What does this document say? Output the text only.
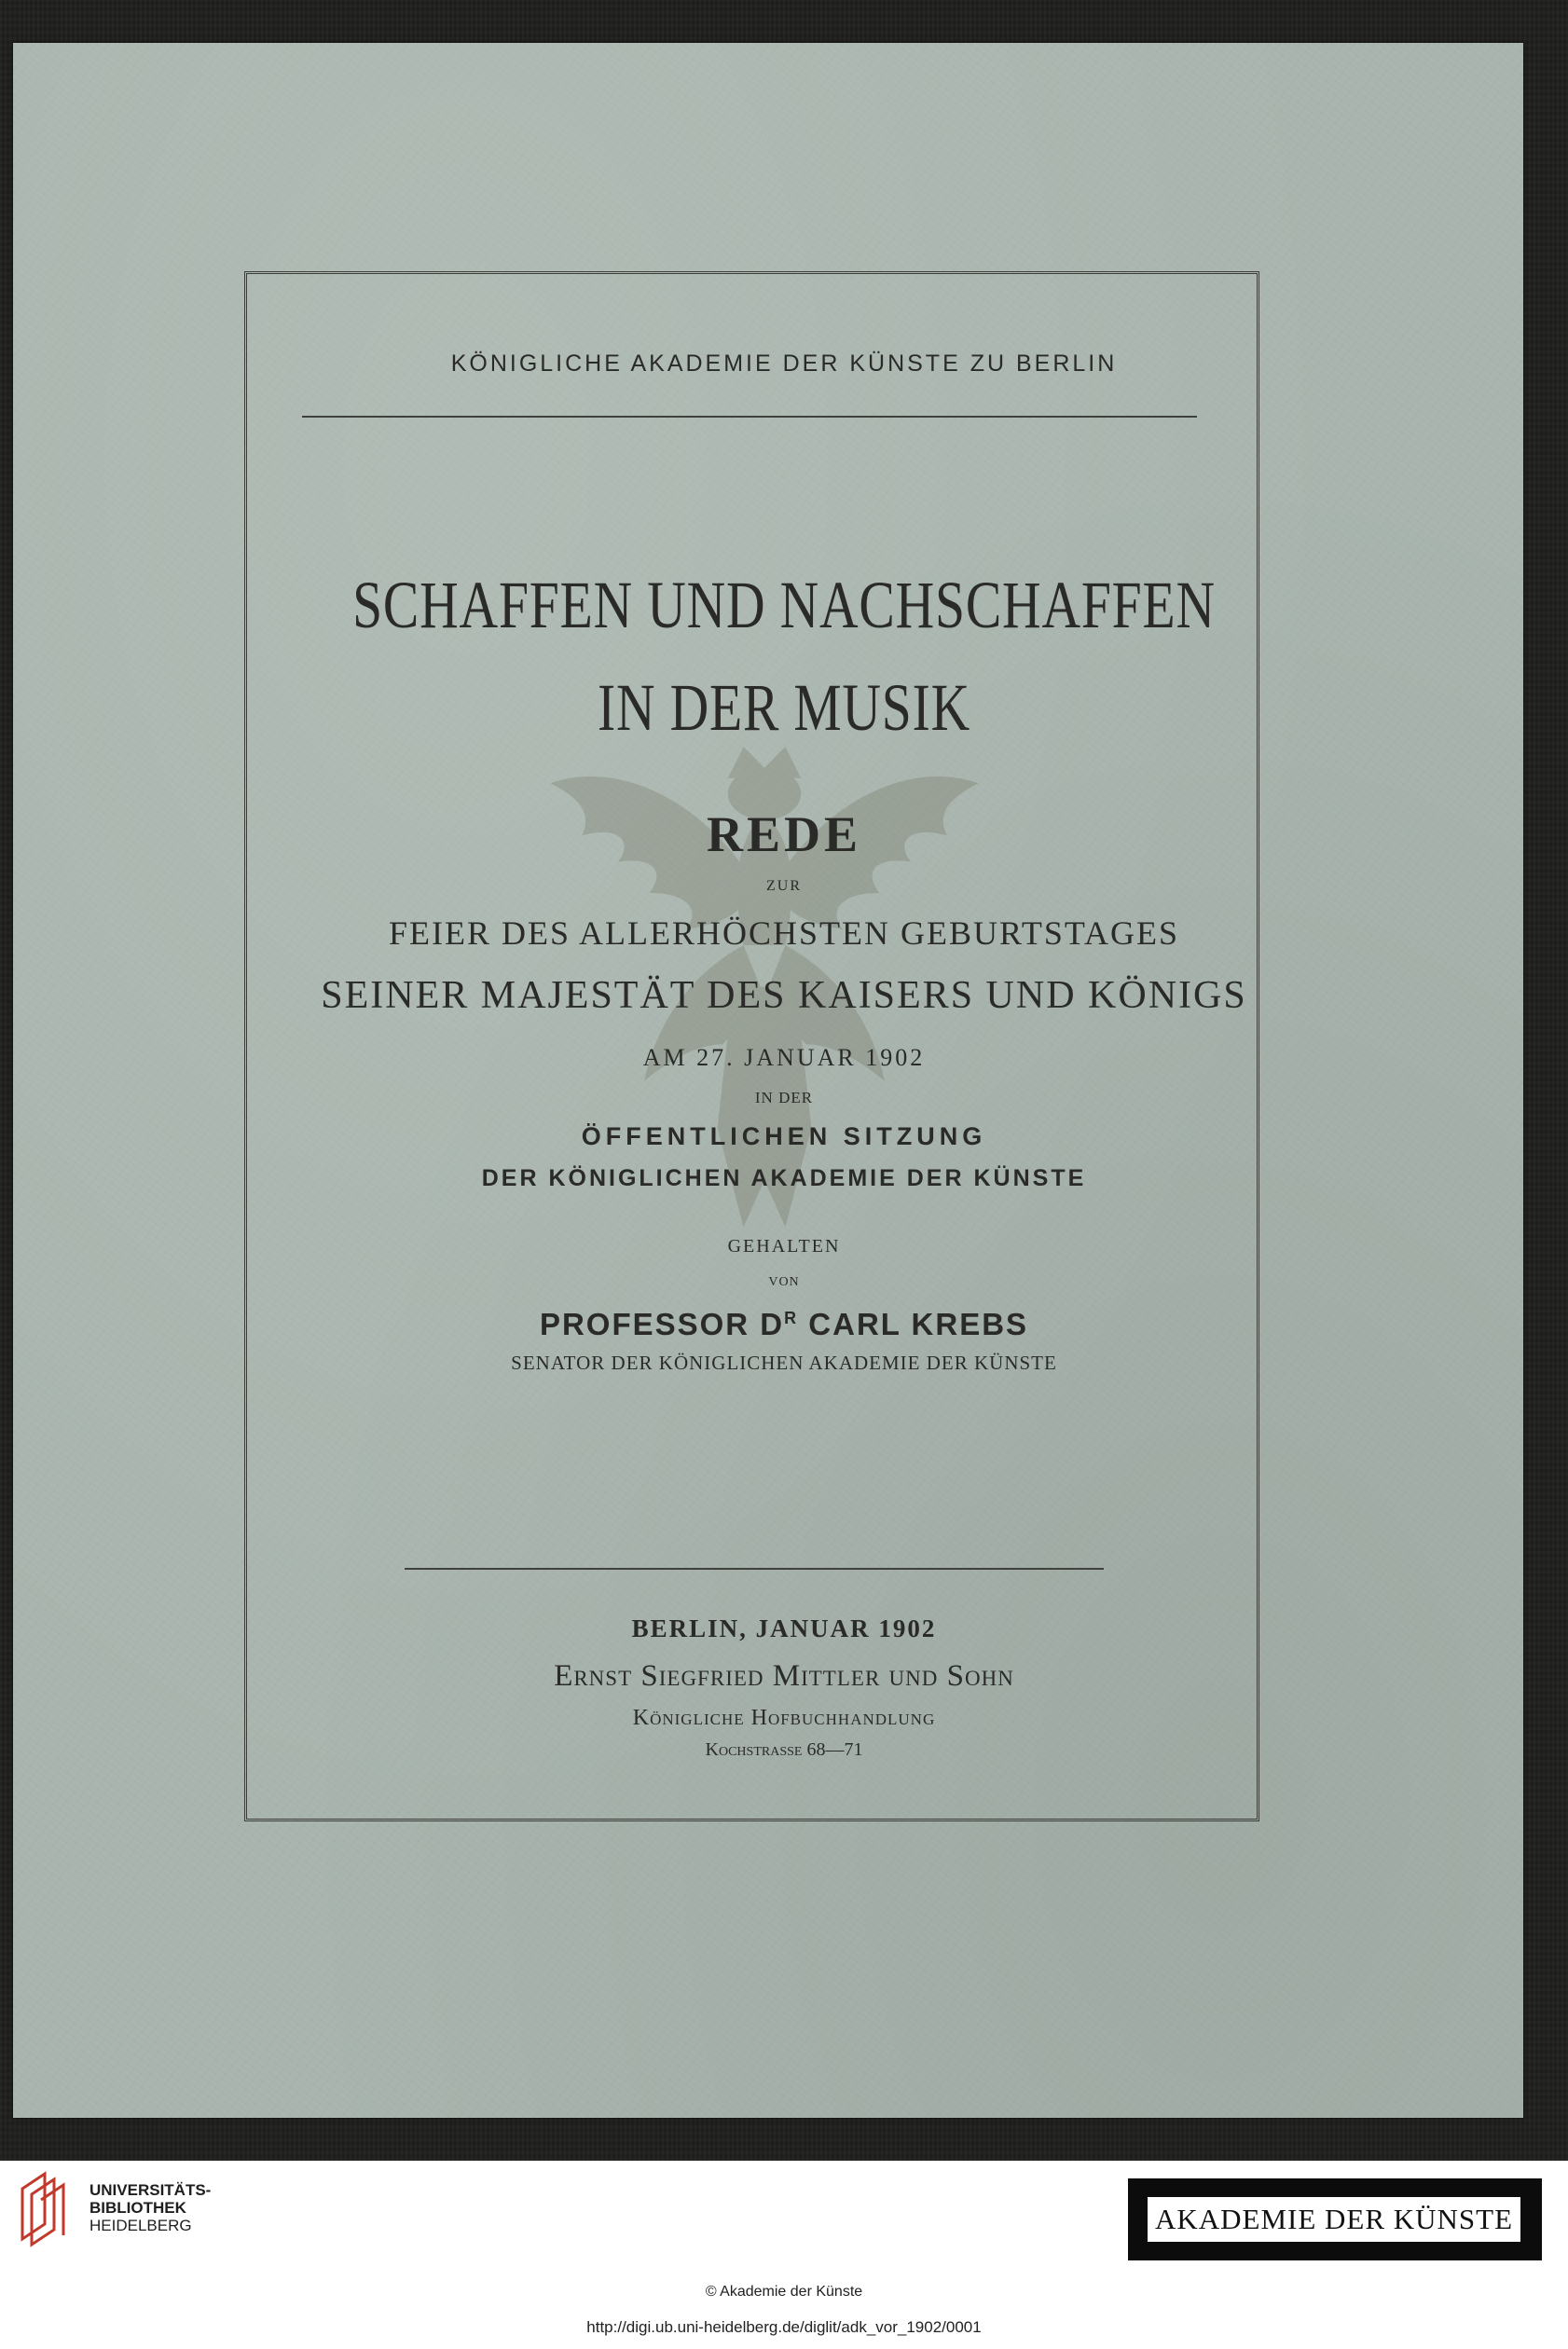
KÖNIGLICHE AKADEMIE DER KÜNSTE ZU BERLIN
SCHAFFEN UND NACHSCHAFFEN
IN DER MUSIK
REDE
ZUR
FEIER DES ALLERHÖCHSTEN GEBURTSTAGES
SEINER MAJESTÄT DES KAISERS UND KÖNIGS
AM 27. JANUAR 1902
IN DER
ÖFFENTLICHEN SITZUNG
DER KÖNIGLICHEN AKADEMIE DER KÜNSTE
GEHALTEN
VON
PROFESSOR $D^R$ CARL KREBS
SENATOR DER KÖNIGLICHEN AKADEMIE DER KÜNSTE
BERLIN, JANUAR 1902
Ernst Siegfried Mittler und Sohn
Königliche Hofbuchhandlung
Kochstrasse 68—71
UNIVERSITÄTS-
BIBLIOTHEK
HEIDELBERG	AKADEMIE DER KÜNSTE
© Akademie der Künste
http://digi.ub.uni-heidelberg.de/diglit/adk_vor_1902/0001
